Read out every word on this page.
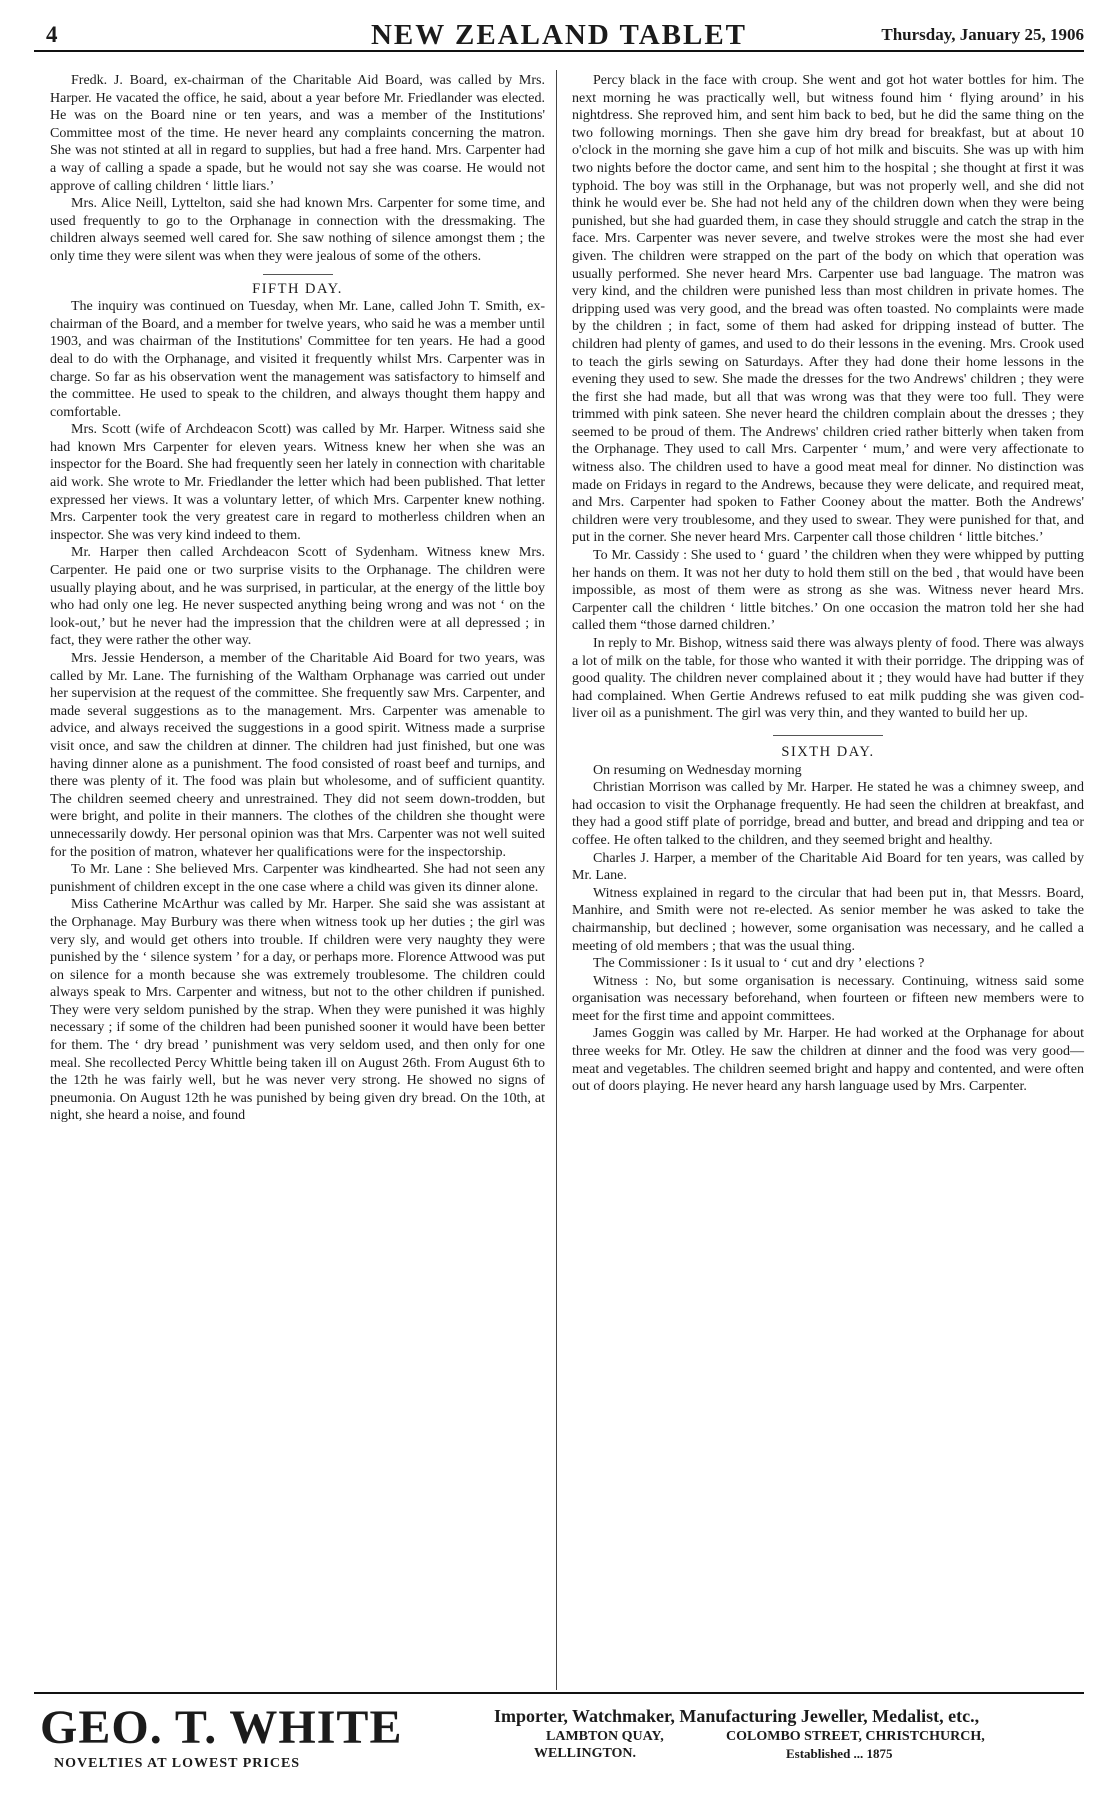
4	NEW ZEALAND TABLET	Thursday, January 25, 1906

Fredk. J. Board, ex-chairman of the Charitable Aid Board, was called by Mrs. Harper. He vacated the office, he said, about a year before Mr. Friedlander was elected. He was on the Board nine or ten years, and was a member of the Institutions' Committee most of the time. He never heard any complaints concerning the matron. She was not stinted at all in regard to supplies, but had a free hand. Mrs. Carpenter had a way of calling a spade a spade, but he would not say she was coarse. He would not approve of calling children ‘ little liars.’

Mrs. Alice Neill, Lyttelton, said she had known Mrs. Carpenter for some time, and used frequently to go to the Orphanage in connection with the dressmaking. The children always seemed well cared for. She saw nothing of silence amongst them ; the only time they were silent was when they were jealous of some of the others.

FIFTH DAY.

The inquiry was continued on Tuesday, when Mr. Lane, called John T. Smith, ex-chairman of the Board, and a member for twelve years, who said he was a member until 1903, and was chairman of the Institutions' Committee for ten years. He had a good deal to do with the Orphanage, and visited it frequently whilst Mrs. Carpenter was in charge. So far as his observation went the management was satisfactory to himself and the committee. He used to speak to the children, and always thought them happy and comfortable.

Mrs. Scott (wife of Archdeacon Scott) was called by Mr. Harper. Witness said she had known Mrs Carpenter for eleven years. Witness knew her when she was an inspector for the Board. She had frequently seen her lately in connection with charitable aid work. She wrote to Mr. Friedlander the letter which had been published. That letter expressed her views. It was a voluntary letter, of which Mrs. Carpenter knew nothing. Mrs. Carpenter took the very greatest care in regard to motherless children when an inspector. She was very kind indeed to them.

Mr. Harper then called Archdeacon Scott of Sydenham. Witness knew Mrs. Carpenter. He paid one or two surprise visits to the Orphanage. The children were usually playing about, and he was surprised, in particular, at the energy of the little boy who had only one leg. He never suspected anything being wrong and was not ‘ on the look-out,’ but he never had the impression that the children were at all depressed ; in fact, they were rather the other way.

Mrs. Jessie Henderson, a member of the Charitable Aid Board for two years, was called by Mr. Lane. The furnishing of the Waltham Orphanage was carried out under her supervision at the request of the committee. She frequently saw Mrs. Carpenter, and made several suggestions as to the management. Mrs. Carpenter was amenable to advice, and always received the suggestions in a good spirit. Witness made a surprise visit once, and saw the children at dinner. The children had just finished, but one was having dinner alone as a punishment. The food consisted of roast beef and turnips, and there was plenty of it. The food was plain but wholesome, and of sufficient quantity. The children seemed cheery and unrestrained. They did not seem down-trodden, but were bright, and polite in their manners. The clothes of the children she thought were unnecessarily dowdy. Her personal opinion was that Mrs. Carpenter was not well suited for the position of matron, whatever her qualifications were for the inspectorship.

To Mr. Lane : She believed Mrs. Carpenter was kindhearted. She had not seen any punishment of children except in the one case where a child was given its dinner alone.

Miss Catherine McArthur was called by Mr. Harper. She said she was assistant at the Orphanage. May Burbury was there when witness took up her duties ; the girl was very sly, and would get others into trouble. If children were very naughty they were punished by the ‘ silence system ’ for a day, or perhaps more. Florence Attwood was put on silence for a month because she was extremely troublesome. The children could always speak to Mrs. Carpenter and witness, but not to the other children if punished. They were very seldom punished by the strap. When they were punished it was highly necessary ; if some of the children had been punished sooner it would have been better for them. The ‘ dry bread ’ punishment was very seldom used, and then only for one meal. She recollected Percy Whittle being taken ill on August 26th. From August 6th to the 12th he was fairly well, but he was never very strong. He showed no signs of pneumonia. On August 12th he was punished by being given dry bread. On the 10th, at night, she heard a noise, and found

Percy black in the face with croup. She went and got hot water bottles for him. The next morning he was practically well, but witness found him ‘ flying around’ in his nightdress. She reproved him, and sent him back to bed, but he did the same thing on the two following mornings. Then she gave him dry bread for breakfast, but at about 10 o'clock in the morning she gave him a cup of hot milk and biscuits. She was up with him two nights before the doctor came, and sent him to the hospital ; she thought at first it was typhoid. The boy was still in the Orphanage, but was not properly well, and she did not think he would ever be. She had not held any of the children down when they were being punished, but she had guarded them, in case they should struggle and catch the strap in the face. Mrs. Carpenter was never severe, and twelve strokes were the most she had ever given. The children were strapped on the part of the body on which that operation was usually performed. She never heard Mrs. Carpenter use bad language. The matron was very kind, and the children were punished less than most children in private homes. The dripping used was very good, and the bread was often toasted. No complaints were made by the children ; in fact, some of them had asked for dripping instead of butter. The children had plenty of games, and used to do their lessons in the evening. Mrs. Crook used to teach the girls sewing on Saturdays. After they had done their home lessons in the evening they used to sew. She made the dresses for the two Andrews' children ; they were the first she had made, but all that was wrong was that they were too full. They were trimmed with pink sateen. She never heard the children complain about the dresses ; they seemed to be proud of them. The Andrews' children cried rather bitterly when taken from the Orphanage. They used to call Mrs. Carpenter ‘ mum,’ and were very affectionate to witness also. The children used to have a good meat meal for dinner. No distinction was made on Fridays in regard to the Andrews, because they were delicate, and required meat, and Mrs. Carpenter had spoken to Father Cooney about the matter. Both the Andrews' children were very troublesome, and they used to swear. They were punished for that, and put in the corner. She never heard Mrs. Carpenter call those children ‘ little bitches.’

To Mr. Cassidy : She used to ‘ guard ’ the children when they were whipped by putting her hands on them. It was not her duty to hold them still on the bed , that would have been impossible, as most of them were as strong as she was. Witness never heard Mrs. Carpenter call the children ‘ little bitches.’ On one occasion the matron told her she had called them “those darned children.’

In reply to Mr. Bishop, witness said there was always plenty of food. There was always a lot of milk on the table, for those who wanted it with their porridge. The dripping was of good quality. The children never complained about it ; they would have had butter if they had complained. When Gertie Andrews refused to eat milk pudding she was given cod-liver oil as a punishment. The girl was very thin, and they wanted to build her up.

SIXTH DAY.

On resuming on Wednesday morning

Christian Morrison was called by Mr. Harper. He stated he was a chimney sweep, and had occasion to visit the Orphanage frequently. He had seen the children at breakfast, and they had a good stiff plate of porridge, bread and butter, and bread and dripping and tea or coffee. He often talked to the children, and they seemed bright and healthy.

Charles J. Harper, a member of the Charitable Aid Board for ten years, was called by Mr. Lane.

Witness explained in regard to the circular that had been put in, that Messrs. Board, Manhire, and Smith were not re-elected. As senior member he was asked to take the chairmanship, but declined ; however, some organisation was necessary, and he called a meeting of old members ; that was the usual thing.

The Commissioner : Is it usual to ‘ cut and dry ’ elections ?

Witness : No, but some organisation is necessary. Continuing, witness said some organisation was necessary beforehand, when fourteen or fifteen new members were to meet for the first time and appoint committees.

James Goggin was called by Mr. Harper. He had worked at the Orphanage for about three weeks for Mr. Otley. He saw the children at dinner and the food was very good—meat and vegetables. The children seemed bright and happy and contented, and were often out of doors playing. He never heard any harsh language used by Mrs. Carpenter.

GEO. T. WHITE
NOVELTIES AT LOWEST PRICES
Importer, Watchmaker, Manufacturing Jeweller, Medalist, etc.,
LAMBTON QUAY,	COLOMBO STREET, CHRISTCHURCH,
WELLINGTON.	Established ... 1875
